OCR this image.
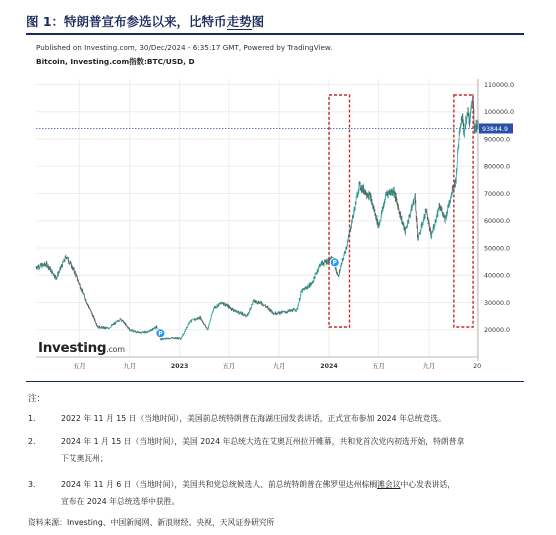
图 1：特朗普宣布参选以来，比特币走势图
20000.0
30000.0
40000.0
50000.0
60000.0
70000.0
80000.0
90000.0
100000.0
110000.0
五月	九月	2023	五月	九月	2024	五月	九月	20
P
P
93844.9
Published on Investing.com, 30/Dec/2024 - 6:35:17 GMT, Powered by TradingView.
Bitcoin, Investing.com指数:BTC/USD, D
Investing.com
注：
1.	2022 年 11 月 15 日（当地时间），美国前总统特朗普在海湖庄园发表讲话，正式宣布参加 2024 年总统竞选。
2.	2024 年 1 月 15 日（当地时间），美国 2024 年总统大选在艾奥瓦州拉开帷幕，共和党首次党内初选开始，特朗普拿
下艾奥瓦州；
3.	2024 年 11 月 6 日（当地时间），美国共和党总统候选人、前总统特朗普在佛罗里达州棕榈滩会议中心发表讲话，
宣布在 2024 年总统选举中获胜。
资料来源：Investing、中国新闻网、新浪财经、央视，天风证券研究所
